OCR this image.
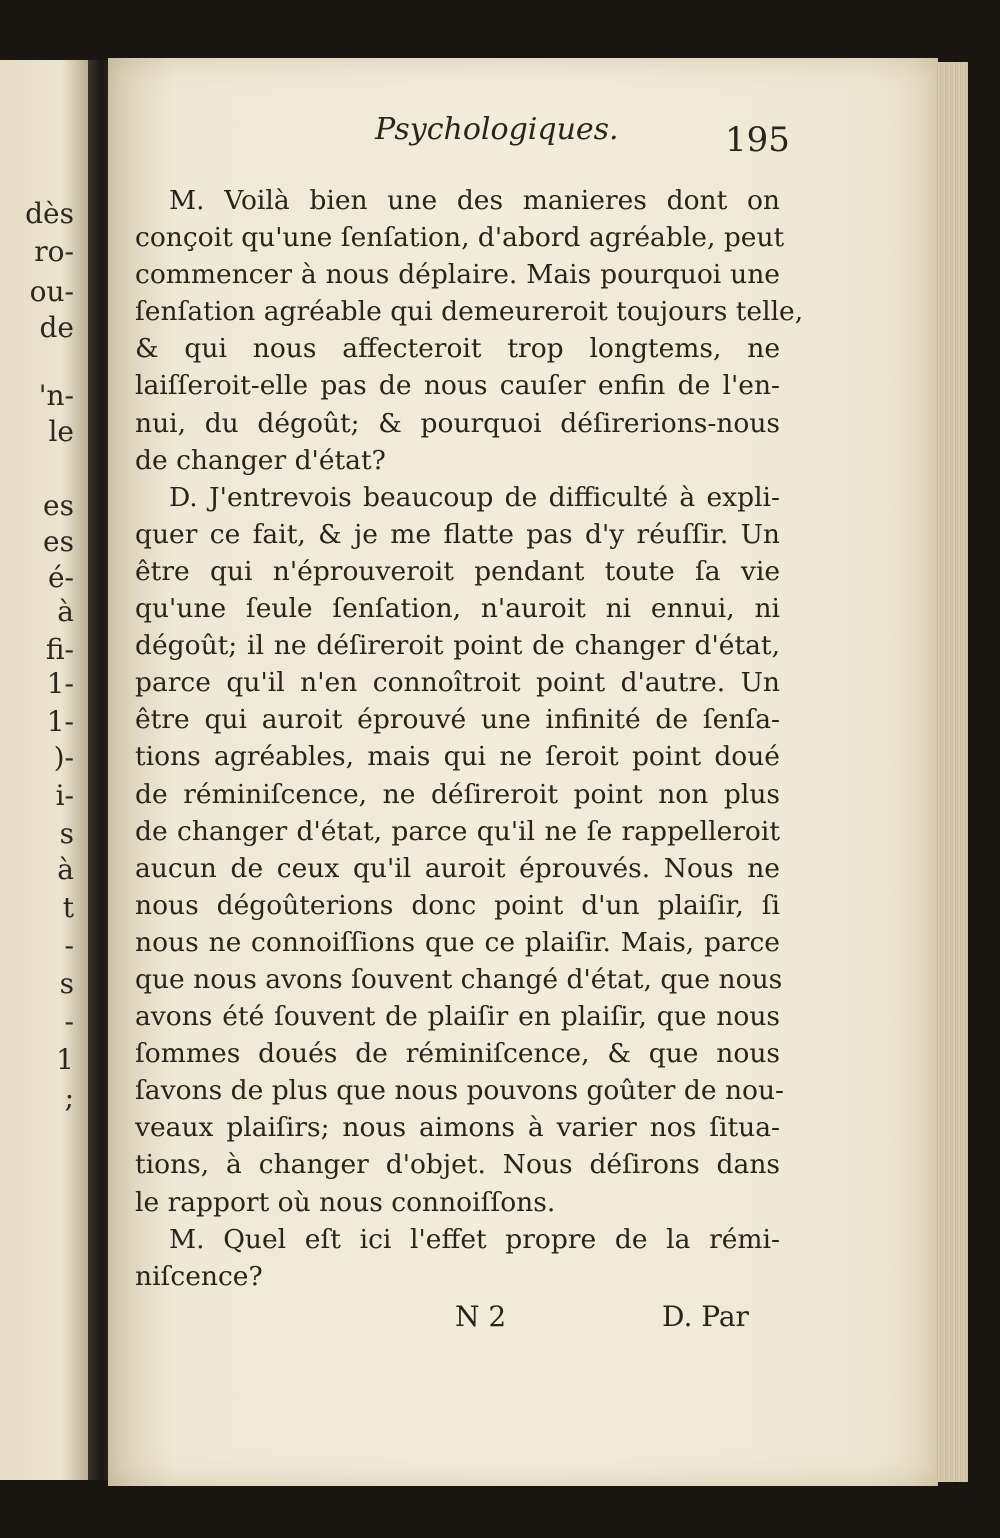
dès
ro-
ou-
de
'n-
le
es
es
é-
à
fi-
1-
1-
)-
i-
s
à
t
-
s
-
1
;
Psychologiques.	195
M. Voilà bien une des manieres dont on
conçoit qu'une ſenſation, d'abord agréable, peut
commencer à nous déplaire. Mais pourquoi une
ſenſation agréable qui demeureroit toujours telle,
& qui nous affecteroit trop longtems, ne
laiſſeroit-elle pas de nous cauſer enfin de l'en-
nui, du dégoût; & pourquoi déſirerions-nous
de changer d'état?
D. J'entrevois beaucoup de difficulté à expli-
quer ce fait, & je me flatte pas d'y réuſſir. Un
être qui n'éprouveroit pendant toute ſa vie
qu'une ſeule ſenſation, n'auroit ni ennui, ni
dégoût; il ne déſireroit point de changer d'état,
parce qu'il n'en connoîtroit point d'autre. Un
être qui auroit éprouvé une infinité de ſenſa-
tions agréables, mais qui ne ſeroit point doué
de réminiſcence, ne déſireroit point non plus
de changer d'état, parce qu'il ne ſe rappelleroit
aucun de ceux qu'il auroit éprouvés. Nous ne
nous dégoûterions donc point d'un plaiſir, ſi
nous ne connoiſſions que ce plaiſir. Mais, parce
que nous avons ſouvent changé d'état, que nous
avons été ſouvent de plaiſir en plaiſir, que nous
ſommes doués de réminiſcence, & que nous
ſavons de plus que nous pouvons goûter de nou-
veaux plaiſirs; nous aimons à varier nos ſitua-
tions, à changer d'objet. Nous déſirons dans
le rapport où nous connoiſſons.
M. Quel eſt ici l'effet propre de la rémi-
niſcence?
N 2	D. Par
